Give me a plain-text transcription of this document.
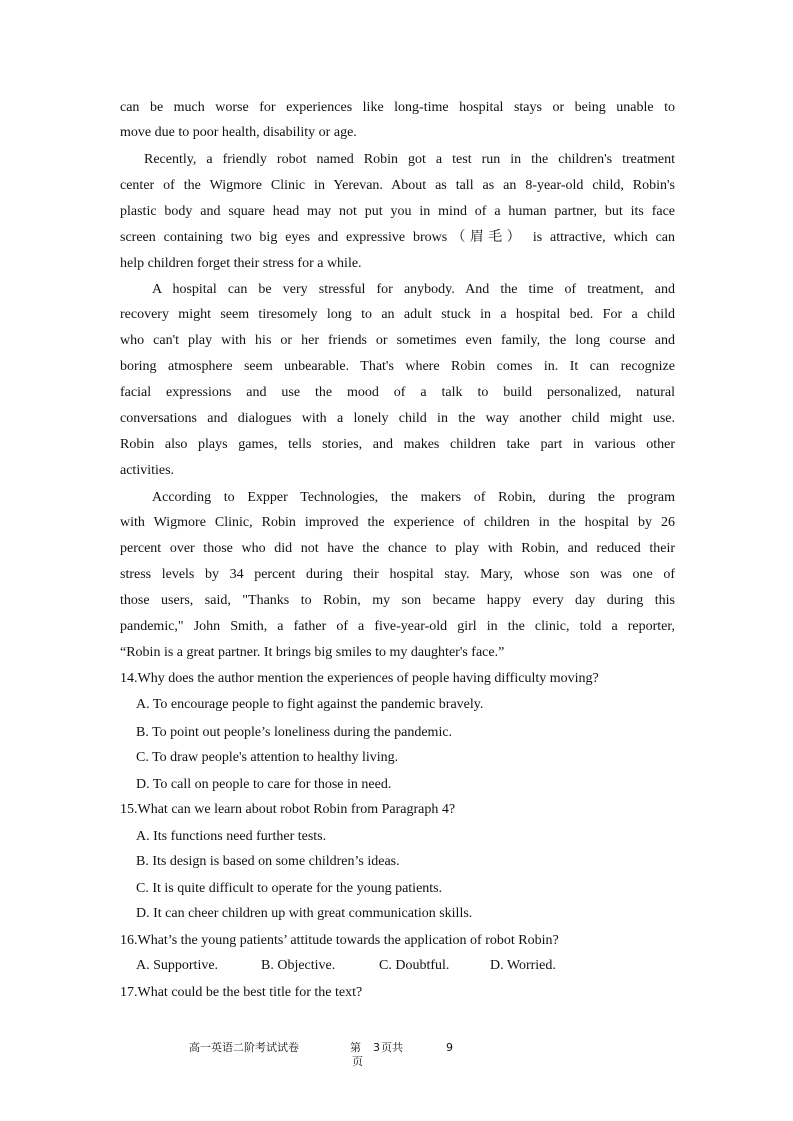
can be much worse for experiences like long-time hospital stays or being unable to
move due to poor health, disability or age.
Recently, a friendly robot named Robin got a test run in the children's treatment
center of the Wigmore Clinic in Yerevan. About as tall as an 8-year-old child, Robin's
plastic body and square head may not put you in mind of a human partner, but its face
screen containing two big eyes and expressive brows（眉毛） is attractive, which can
help children forget their stress for a while.
A hospital can be very stressful for anybody. And the time of treatment, and
recovery might seem tiresomely long to an adult stuck in a hospital bed. For a child
who can't play with his or her friends or sometimes even family, the long course and
boring atmosphere seem unbearable. That's where Robin comes in. It can recognize
facial expressions and use the mood of a talk to build personalized, natural
conversations and dialogues with a lonely child in the way another child might use.
Robin also plays games, tells stories, and makes children take part in various other
activities.
According to Expper Technologies, the makers of Robin, during the program
with Wigmore Clinic, Robin improved the experience of children in the hospital by 26
percent over those who did not have the chance to play with Robin, and reduced their
stress levels by 34 percent during their hospital stay. Mary, whose son was one of
those users, said, "Thanks to Robin, my son became happy every day during this
pandemic," John Smith, a father of a five-year-old girl in the clinic, told a reporter,
“Robin is a great partner. It brings big smiles to my daughter's face.”
14.Why does the author mention the experiences of people having difficulty moving?
A. To encourage people to fight against the pandemic bravely.
B. To point out people’s loneliness during the pandemic.
C. To draw people's attention to healthy living.
D. To call on people to care for those in need.
15.What can we learn about robot Robin from Paragraph 4?
A. Its functions need further tests.
B. Its design is based on some children’s ideas.
C. It is quite difficult to operate for the young patients.
D. It can cheer children up with great communication skills.
16.What’s the young patients’ attitude towards the application of robot Robin?
A. Supportive.	B. Objective.	C. Doubtful.	D. Worried.
17.What could be the best title for the text?
高一英语二阶考试试卷	第 3 页共	9
页
